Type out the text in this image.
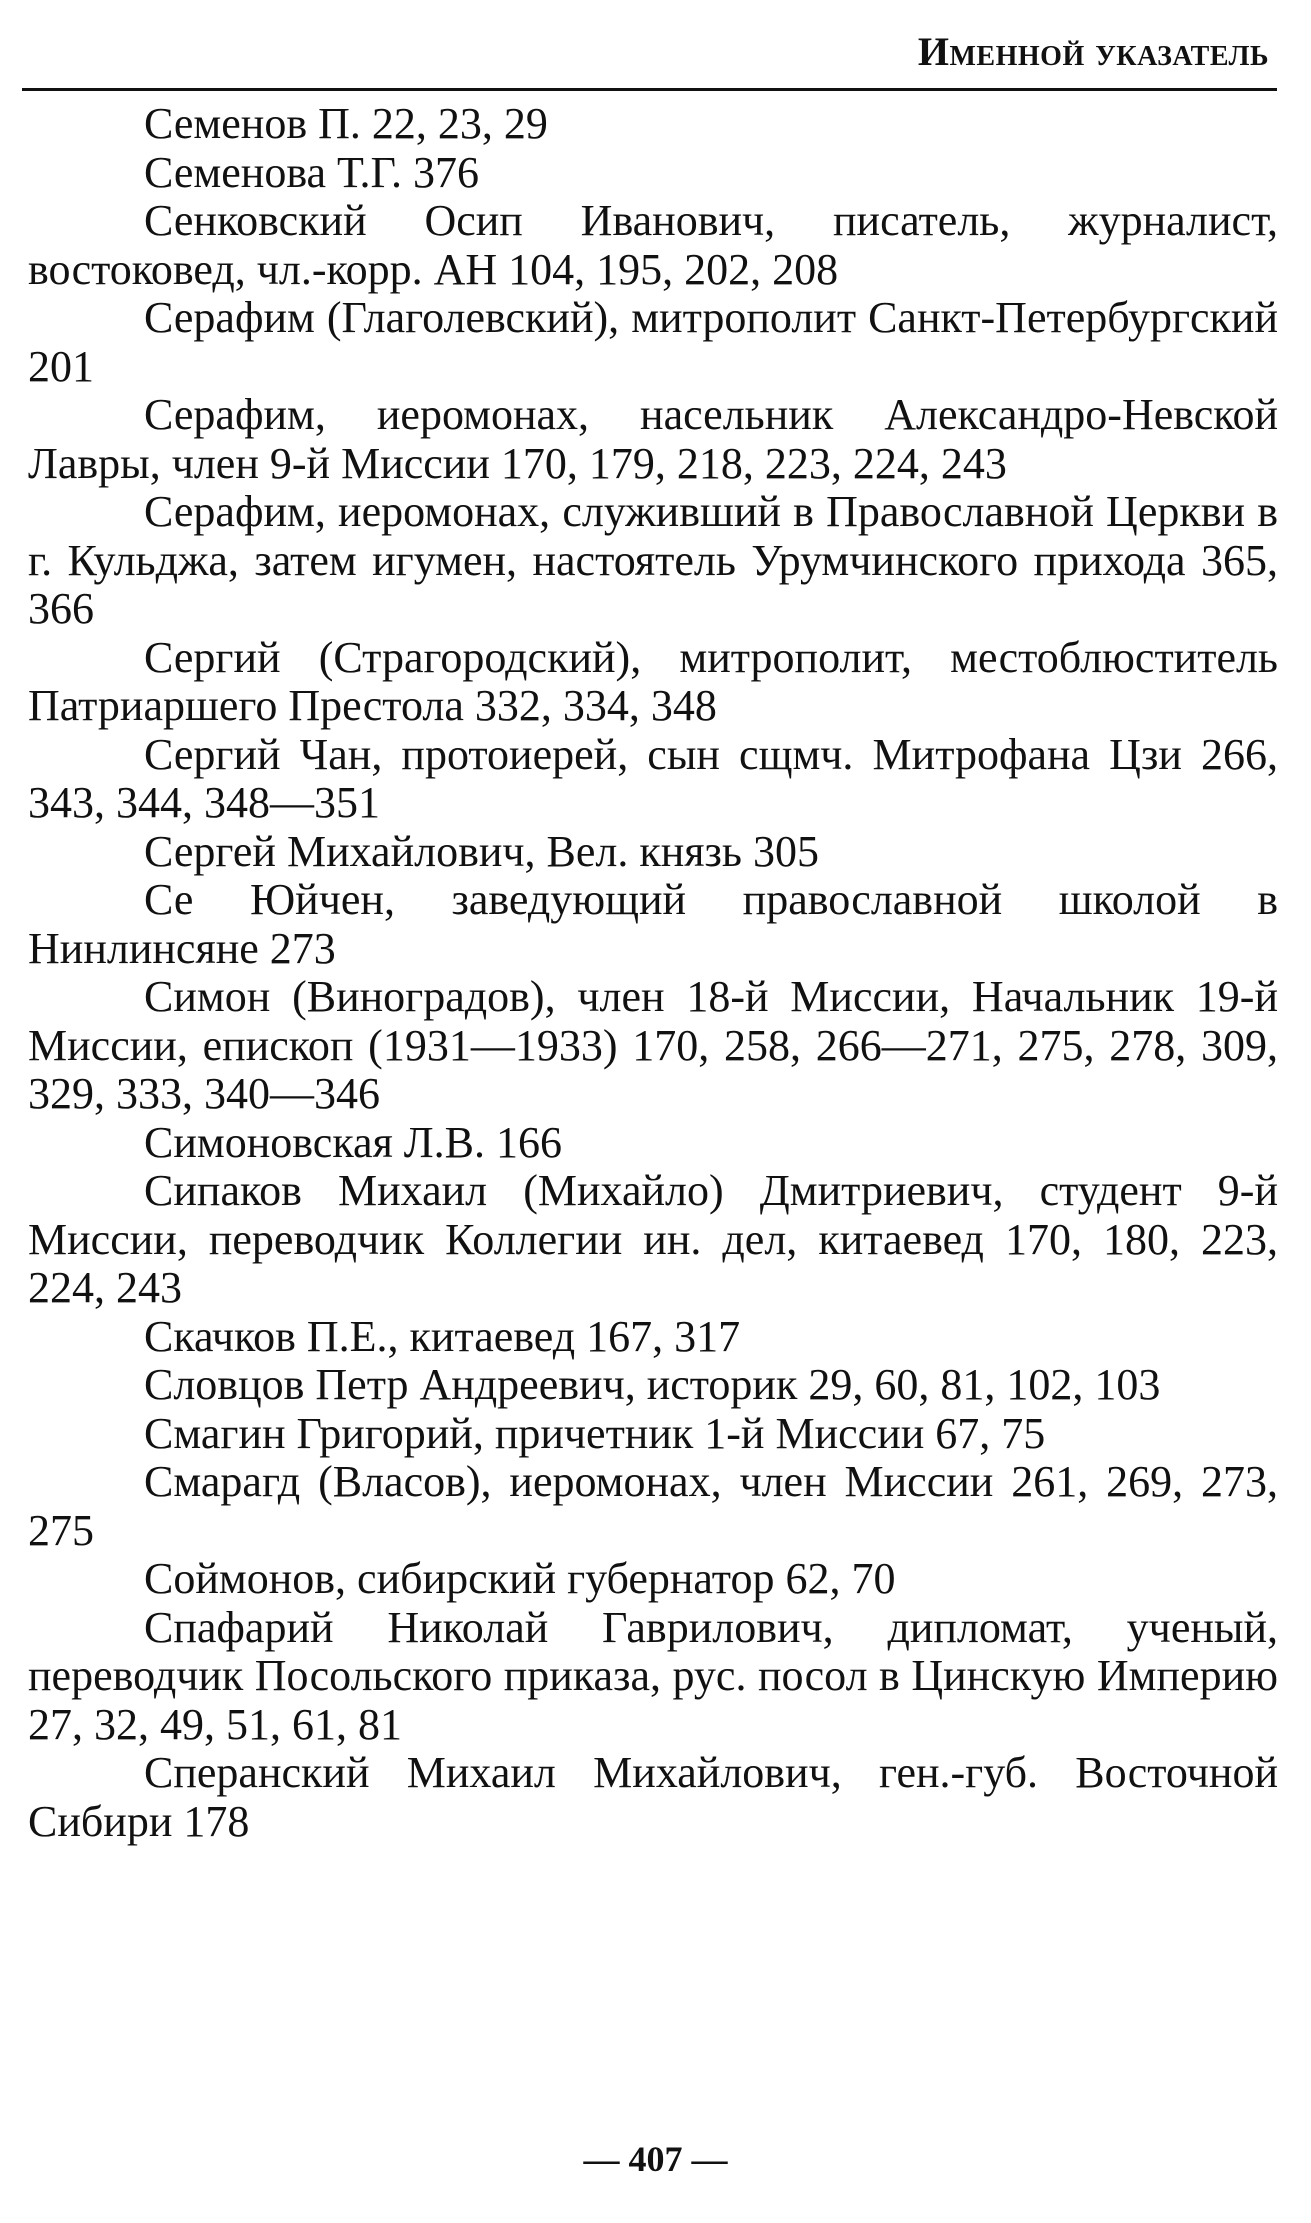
Именной указатель
Семенов П. 22, 23, 29
Семенова Т.Г. 376
Сенковский Осип Иванович, писатель, журналист, востоковед, чл.-корр. АН 104, 195, 202, 208
Серафим (Глаголевский), митрополит Санкт-Петербургский 201
Серафим, иеромонах, насельник Александро-Невской Лавры, член 9-й Миссии 170, 179, 218, 223, 224, 243
Серафим, иеромонах, служивший в Православной Церкви в г. Кульджа, затем игумен, настоятель Урумчинского прихода 365, 366
Сергий (Страгородский), митрополит, местоблюститель Патриаршего Престола 332, 334, 348
Сергий Чан, протоиерей, сын сщмч. Митрофана Цзи 266, 343, 344, 348—351
Сергей Михайлович, Вел. князь 305
Се Юйчен, заведующий православной школой в Нинлинсяне 273
Симон (Виноградов), член 18-й Миссии, Начальник 19-й Миссии, епископ (1931—1933) 170, 258, 266—271, 275, 278, 309, 329, 333, 340—346
Симоновская Л.В. 166
Сипаков Михаил (Михайло) Дмитриевич, студент 9-й Миссии, переводчик Коллегии ин. дел, китаевед 170, 180, 223, 224, 243
Скачков П.Е., китаевед 167, 317
Словцов Петр Андреевич, историк 29, 60, 81, 102, 103
Смагин Григорий, причетник 1-й Миссии 67, 75
Смарагд (Власов), иеромонах, член Миссии 261, 269, 273, 275
Соймонов, сибирский губернатор 62, 70
Спафарий Николай Гаврилович, дипломат, ученый, переводчик Посольского приказа, рус. посол в Цинскую Империю 27, 32, 49, 51, 61, 81
Сперанский Михаил Михайлович, ген.-губ. Восточной Сибири 178
— 407 —
